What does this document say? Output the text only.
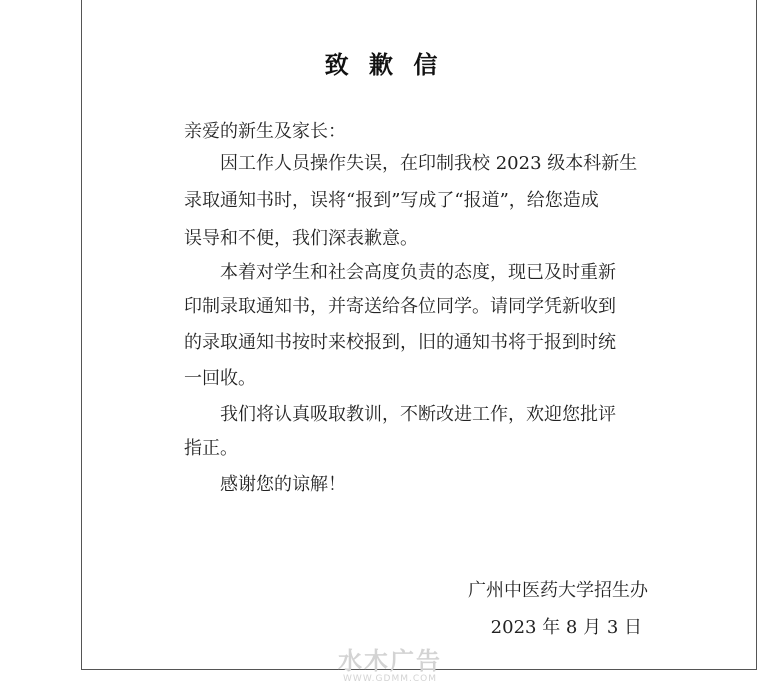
致 歉 信
亲爱的新生及家长：
　　因工作人员操作失误，在印制我校 2023 级本科新生
录取通知书时，误将“报到”写成了“报道”，给您造成
误导和不便，我们深表歉意。
　　本着对学生和社会高度负责的态度，现已及时重新
印制录取通知书，并寄送给各位同学。请同学凭新收到
的录取通知书按时来校报到，旧的通知书将于报到时统
一回收。
　　我们将认真吸取教训，不断改进工作，欢迎您批评
指正。
　　感谢您的谅解！
广州中医药大学招生办
2023 年 8 月 3 日
水木广告
WWW.GDMM.COM
